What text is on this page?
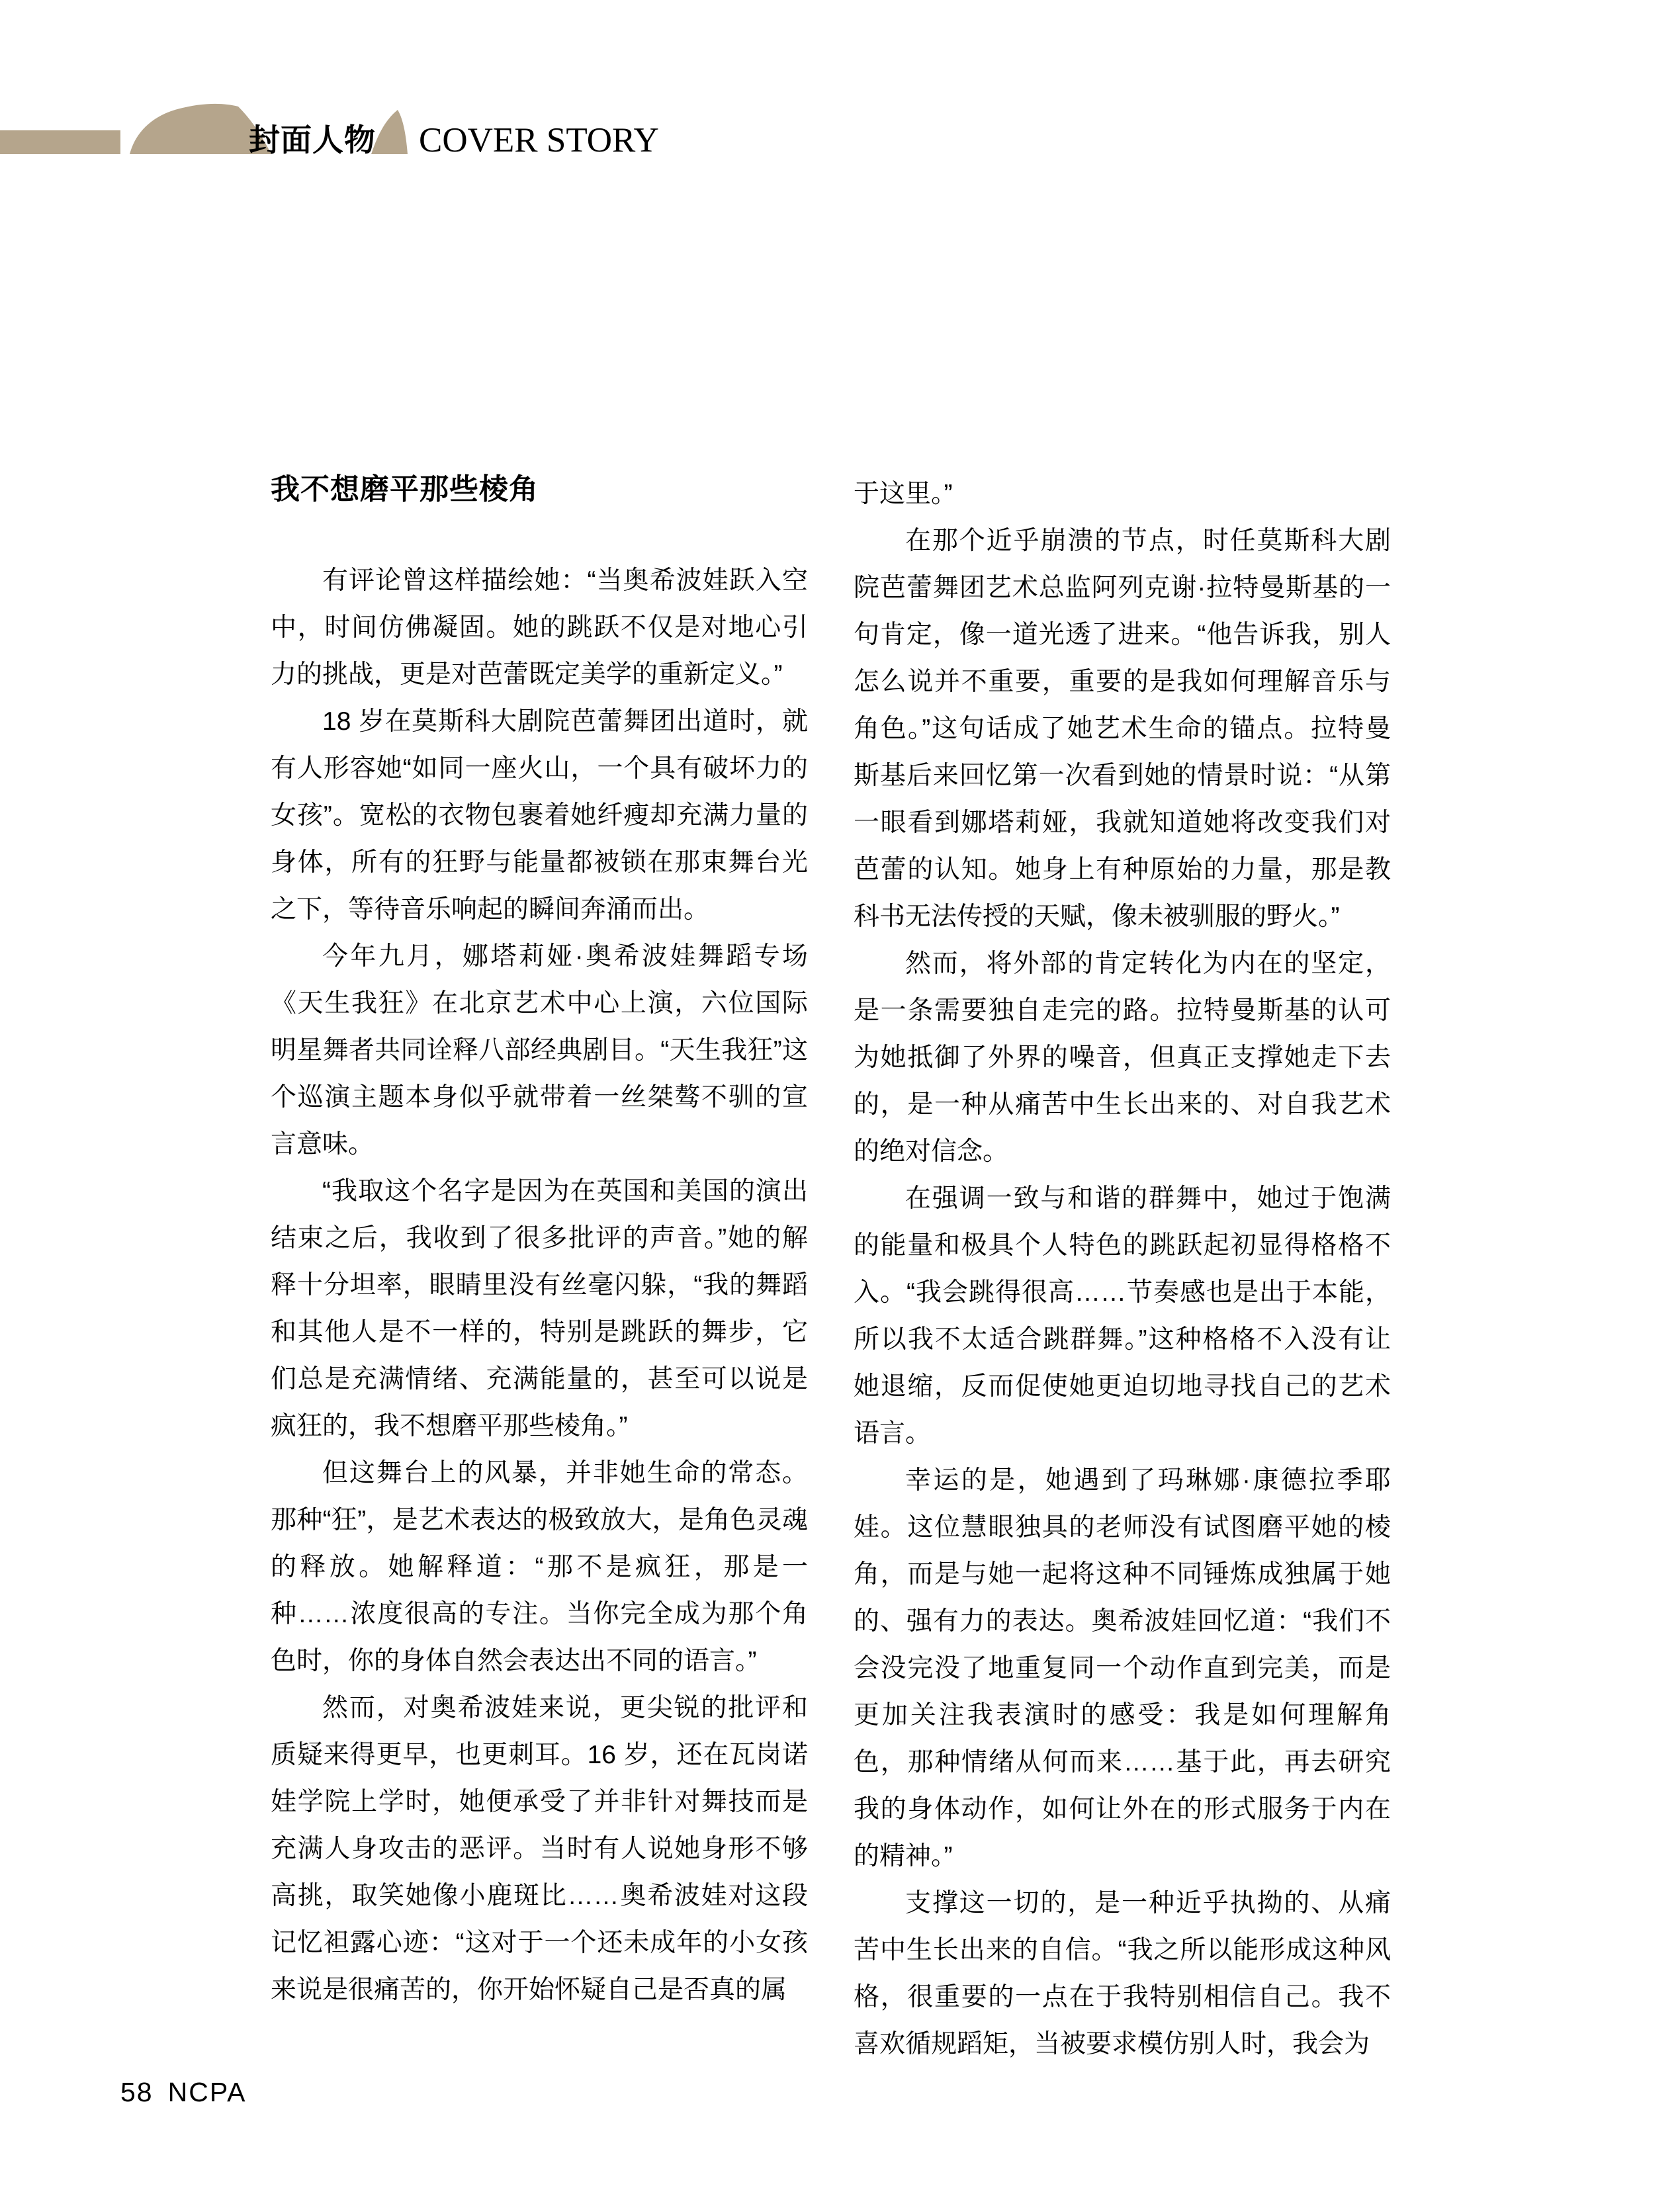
封面人物 COVER STORY
我不想磨平那些棱角

有评论曾这样描绘她：“当奥希波娃跃入空中，时间仿佛凝固。她的跳跃不仅是对地心引力的挑战，更是对芭蕾既定美学的重新定义。”

18 岁在莫斯科大剧院芭蕾舞团出道时，就有人形容她“如同一座火山，一个具有破坏力的女孩”。宽松的衣物包裹着她纤瘦却充满力量的身体，所有的狂野与能量都被锁在那束舞台光之下，等待音乐响起的瞬间奔涌而出。

今年九月，娜塔莉娅·奥希波娃舞蹈专场《天生我狂》在北京艺术中心上演，六位国际明星舞者共同诠释八部经典剧目。“天生我狂”这个巡演主题本身似乎就带着一丝桀骜不驯的宣言意味。

“我取这个名字是因为在英国和美国的演出结束之后，我收到了很多批评的声音。”她的解释十分坦率，眼睛里没有丝毫闪躲，“我的舞蹈和其他人是不一样的，特别是跳跃的舞步，它们总是充满情绪、充满能量的，甚至可以说是疯狂的，我不想磨平那些棱角。”

但这舞台上的风暴，并非她生命的常态。那种“狂”，是艺术表达的极致放大，是角色灵魂的释放。她解释道：“那不是疯狂，那是一种……浓度很高的专注。当你完全成为那个角色时，你的身体自然会表达出不同的语言。”

然而，对奥希波娃来说，更尖锐的批评和质疑来得更早，也更刺耳。16 岁，还在瓦岗诺娃学院上学时，她便承受了并非针对舞技而是充满人身攻击的恶评。当时有人说她身形不够高挑，取笑她像小鹿斑比……奥希波娃对这段记忆袒露心迹：“这对于一个还未成年的小女孩来说是很痛苦的，你开始怀疑自己是否真的属

于这里。”

在那个近乎崩溃的节点，时任莫斯科大剧院芭蕾舞团艺术总监阿列克谢·拉特曼斯基的一句肯定，像一道光透了进来。“他告诉我，别人怎么说并不重要，重要的是我如何理解音乐与角色。”这句话成了她艺术生命的锚点。拉特曼斯基后来回忆第一次看到她的情景时说：“从第一眼看到娜塔莉娅，我就知道她将改变我们对芭蕾的认知。她身上有种原始的力量，那是教科书无法传授的天赋，像未被驯服的野火。”

然而，将外部的肯定转化为内在的坚定，是一条需要独自走完的路。拉特曼斯基的认可为她抵御了外界的噪音，但真正支撑她走下去的，是一种从痛苦中生长出来的、对自我艺术的绝对信念。

在强调一致与和谐的群舞中，她过于饱满的能量和极具个人特色的跳跃起初显得格格不入。“我会跳得很高……节奏感也是出于本能，所以我不太适合跳群舞。”这种格格不入没有让她退缩，反而促使她更迫切地寻找自己的艺术语言。

幸运的是，她遇到了玛琳娜·康德拉季耶娃。这位慧眼独具的老师没有试图磨平她的棱角，而是与她一起将这种不同锤炼成独属于她的、强有力的表达。奥希波娃回忆道：“我们不会没完没了地重复同一个动作直到完美，而是更加关注我表演时的感受：我是如何理解角色，那种情绪从何而来……基于此，再去研究我的身体动作，如何让外在的形式服务于内在的精神。”

支撑这一切的，是一种近乎执拗的、从痛苦中生长出来的自信。“我之所以能形成这种风格，很重要的一点在于我特别相信自己。我不喜欢循规蹈矩，当被要求模仿别人时，我会为

58 NCPA
